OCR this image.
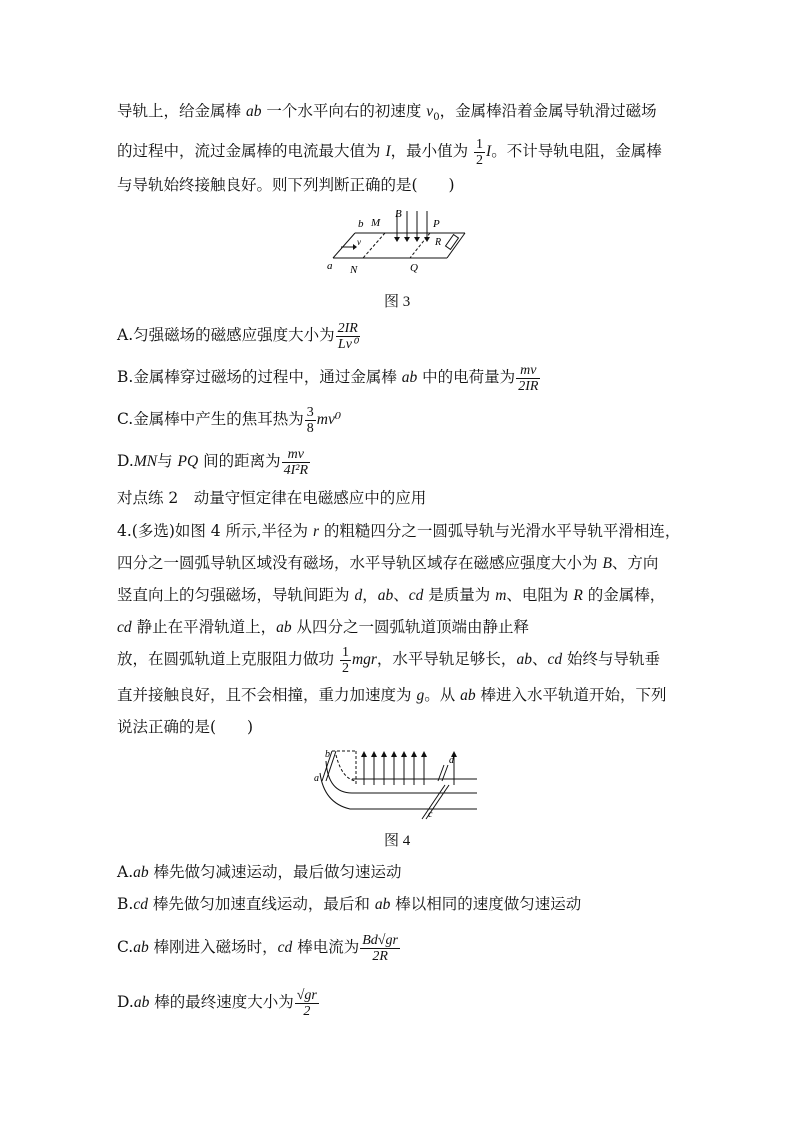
导轨上，给金属棒 ab 一个水平向右的初速度 $v_0$，金属棒沿着金属导轨滑过磁场
的过程中，流过金属棒的电流最大值为 I，最小值为 $\frac{1}{2}$ I。不计导轨电阻，金属棒
与导轨始终接触良好。则下列判断正确的是(　　)
b M
B
P
v	R
a N	Q
图 3
A.匀强磁场的磁感应强度大小为 $\frac{2IR}{\text{Lv⁰}}$
B.金属棒穿过磁场的过程中，通过金属棒 ab 中的电荷量为 $\frac{mv}{2IR}$
C.金属棒中产生的焦耳热为 $\frac{3}{8} mv^0$
D.MN与 PQ 间的距离为 $\frac{mv}{\text{4I²R}}$
对点练 2　动量守恒定律在电磁感应中的应用
4.(多选)如图 4 所示,半径为 r 的粗糙四分之一圆弧导轨与光滑水平导轨平滑相连，
四分之一圆弧导轨区域没有磁场，水平导轨区域存在磁感应强度大小为 B、方向
竖直向上的匀强磁场，导轨间距为 d，ab、cd 是质量为 m、电阻为 R 的金属棒，
cd 静止在平滑轨道上，ab 从四分之一圆弧轨道顶端由静止释
放，在圆弧轨道上克服阻力做功 $\frac{1}{2}$ mgr，水平导轨足够长，ab、cd 始终与导轨垂
直并接触良好，且不会相撞，重力加速度为 g。从 ab 棒进入水平轨道开始，下列
说法正确的是(　　)
b
a
d
c
图 4
A.ab 棒先做匀减速运动，最后做匀速运动
B.cd 棒先做匀加速直线运动，最后和 ab 棒以相同的速度做匀速运动
C.ab 棒刚进入磁场时，cd 棒电流为 $\frac{Bd√gr}{2R}$
D.ab 棒的最终速度大小为 $\frac{√gr}{2}$
